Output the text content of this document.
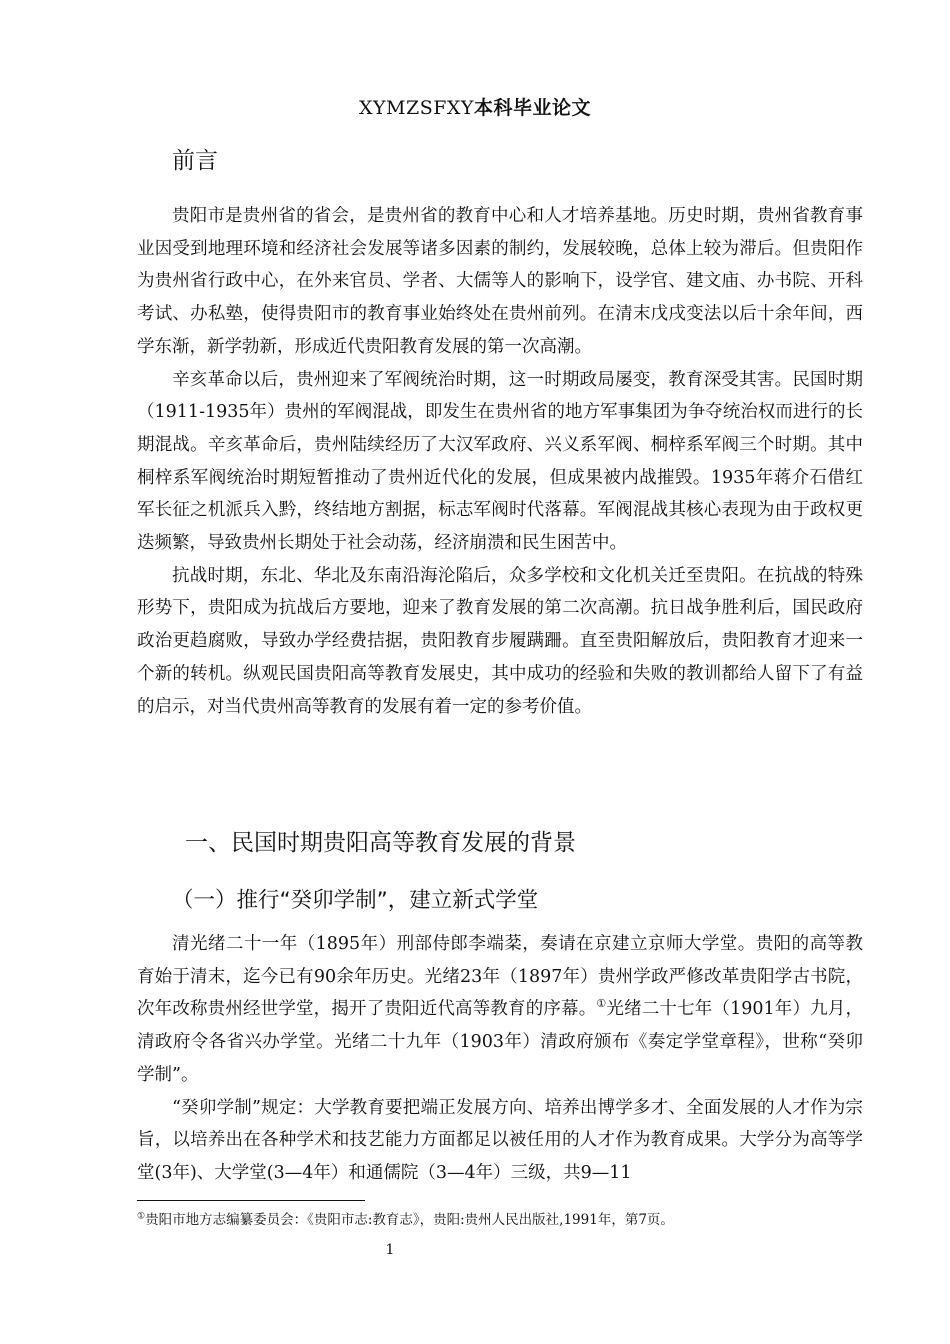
XYMZSFXY本科毕业论文
前言

贵阳市是贵州省的省会，是贵州省的教育中心和人才培养基地。历史时期，贵州省教育事业因受到地理环境和经济社会发展等诸多因素的制约，发展较晚，总体上较为滞后。但贵阳作为贵州省行政中心，在外来官员、学者、大儒等人的影响下，设学官、建文庙、办书院、开科考试、办私塾，使得贵阳市的教育事业始终处在贵州前列。在清末戊戌变法以后十余年间，西学东渐，新学勃新，形成近代贵阳教育发展的第一次高潮。

辛亥革命以后，贵州迎来了军阀统治时期，这一时期政局屡变，教育深受其害。民国时期（1911-1935年）贵州的军阀混战，即发生在贵州省的地方军事集团为争夺统治权而进行的长期混战。辛亥革命后，贵州陆续经历了大汉军政府、兴义系军阀、桐梓系军阀三个时期。其中桐梓系军阀统治时期短暂推动了贵州近代化的发展，但成果被内战摧毁。1935年蒋介石借红军长征之机派兵入黔，终结地方割据，标志军阀时代落幕。军阀混战其核心表现为由于政权更迭频繁，导致贵州长期处于社会动荡，经济崩溃和民生困苦中。

抗战时期，东北、华北及东南沿海沦陷后，众多学校和文化机关迁至贵阳。在抗战的特殊形势下，贵阳成为抗战后方要地，迎来了教育发展的第二次高潮。抗日战争胜利后，国民政府政治更趋腐败，导致办学经费拮据，贵阳教育步履蹒跚。直至贵阳解放后，贵阳教育才迎来一个新的转机。纵观民国贵阳高等教育发展史，其中成功的经验和失败的教训都给人留下了有益的启示，对当代贵州高等教育的发展有着一定的参考价值。

一、民国时期贵阳高等教育发展的背景
（一）推行“癸卯学制”，建立新式学堂

清光绪二十一年（1895年）刑部侍郎李端棻，奏请在京建立京师大学堂。贵阳的高等教育始于清末，迄今已有90余年历史。光绪23年（1897年）贵州学政严修改革贵阳学古书院，次年改称贵州经世学堂，揭开了贵阳近代高等教育的序幕。①光绪二十七年（1901年）九月，清政府令各省兴办学堂。光绪二十九年（1903年）清政府颁布《奏定学堂章程》，世称“癸卯学制”。

“癸卯学制”规定：大学教育要把端正发展方向、培养出博学多才、全面发展的人才作为宗旨，以培养出在各种学术和技艺能力方面都足以被任用的人才作为教育成果。大学分为高等学堂(3年)、大学堂(3—4年）和通儒院（3—4年）三级，共9—11

①贵阳市地方志编纂委员会：《贵阳市志:教育志》，贵阳:贵州人民出版社,1991年，第7页。

1
